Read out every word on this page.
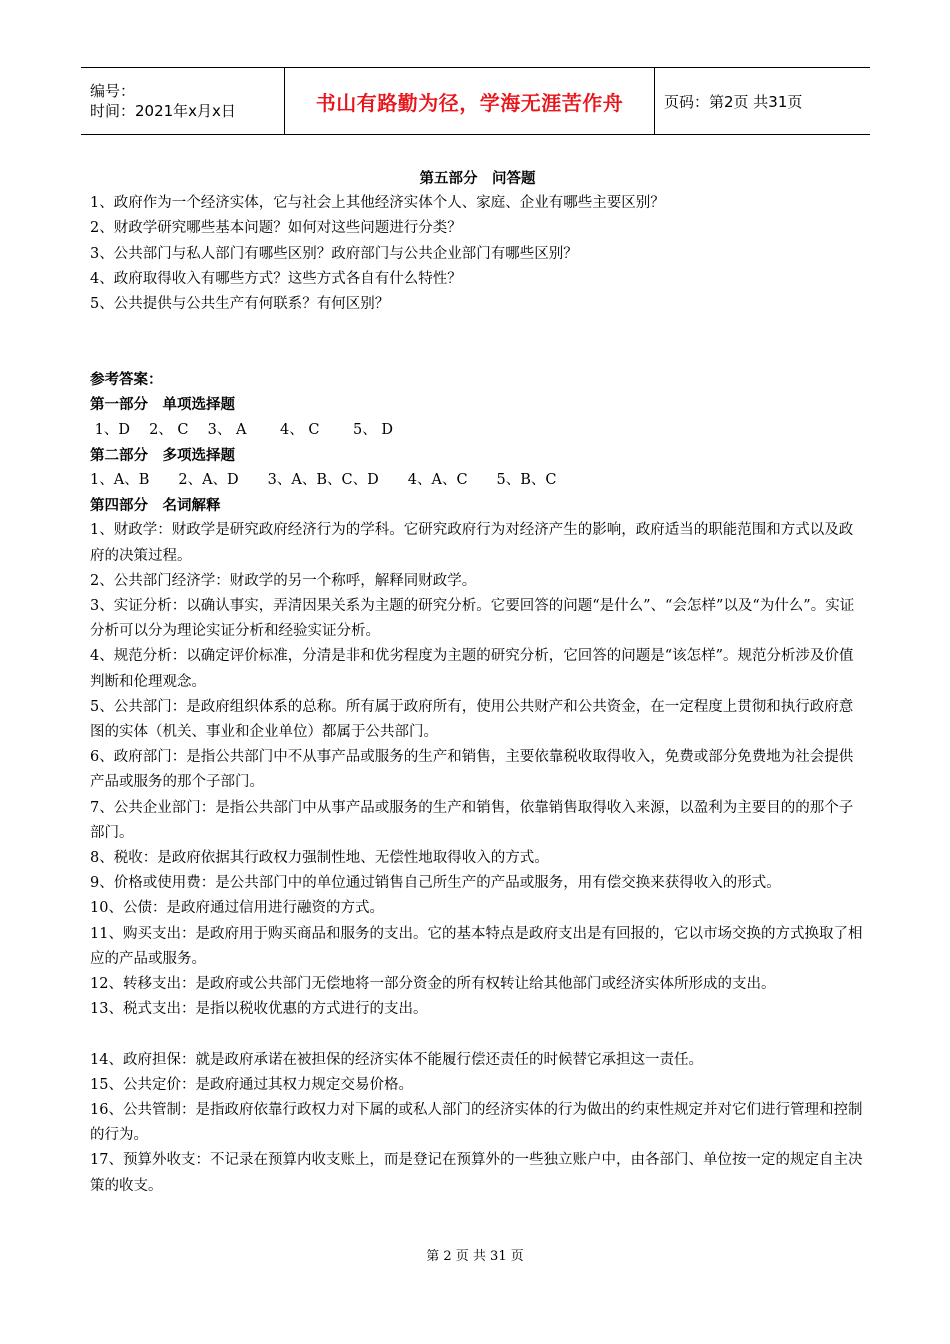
编号：
时间：2021年x月x日	书山有路勤为径，学海无涯苦作舟	页码：第2页 共31页
第五部分　问答题
1、政府作为一个经济实体，它与社会上其他经济实体个人、家庭、企业有哪些主要区别？
2、财政学研究哪些基本问题？如何对这些问题进行分类？
3、公共部门与私人部门有哪些区别？政府部门与公共企业部门有哪些区别？
4、政府取得收入有哪些方式？这些方式各自有什么特性？
5、公共提供与公共生产有何联系？有何区别？
参考答案：
第一部分　单项选择题
1、D　 2、 C　 3、 A　　 4、 C　　 5、 D
第二部分　多项选择题
1、A、B　　2、A、D　　3、A、B、C、D　　4、A、C　　5、B、C
第四部分　名词解释
1、财政学：财政学是研究政府经济行为的学科。它研究政府行为对经济产生的影响，政府适当的职能范围和方式以及政府的决策过程。
2、公共部门经济学：财政学的另一个称呼，解释同财政学。
3、实证分析：以确认事实，弄清因果关系为主题的研究分析。它要回答的问题“是什么”、“会怎样”以及“为什么”。实证分析可以分为理论实证分析和经验实证分析。
4、规范分析：以确定评价标准，分清是非和优劣程度为主题的研究分析，它回答的问题是“该怎样”。规范分析涉及价值判断和伦理观念。
5、公共部门：是政府组织体系的总称。所有属于政府所有，使用公共财产和公共资金，在一定程度上贯彻和执行政府意图的实体（机关、事业和企业单位）都属于公共部门。
6、政府部门：是指公共部门中不从事产品或服务的生产和销售，主要依靠税收取得收入，免费或部分免费地为社会提供产品或服务的那个子部门。
7、公共企业部门：是指公共部门中从事产品或服务的生产和销售，依靠销售取得收入来源，以盈利为主要目的的那个子部门。
8、税收：是政府依据其行政权力强制性地、无偿性地取得收入的方式。
9、价格或使用费：是公共部门中的单位通过销售自己所生产的产品或服务，用有偿交换来获得收入的形式。
10、公债：是政府通过信用进行融资的方式。
11、购买支出：是政府用于购买商品和服务的支出。它的基本特点是政府支出是有回报的，它以市场交换的方式换取了相应的产品或服务。
12、转移支出：是政府或公共部门无偿地将一部分资金的所有权转让给其他部门或经济实体所形成的支出。
13、税式支出：是指以税收优惠的方式进行的支出。
14、政府担保：就是政府承诺在被担保的经济实体不能履行偿还责任的时候替它承担这一责任。
15、公共定价：是政府通过其权力规定交易价格。
16、公共管制：是指政府依靠行政权力对下属的或私人部门的经济实体的行为做出的约束性规定并对它们进行管理和控制的行为。
17、预算外收支：不记录在预算内收支账上，而是登记在预算外的一些独立账户中，由各部门、单位按一定的规定自主决策的收支。
第 2 页 共 31 页
